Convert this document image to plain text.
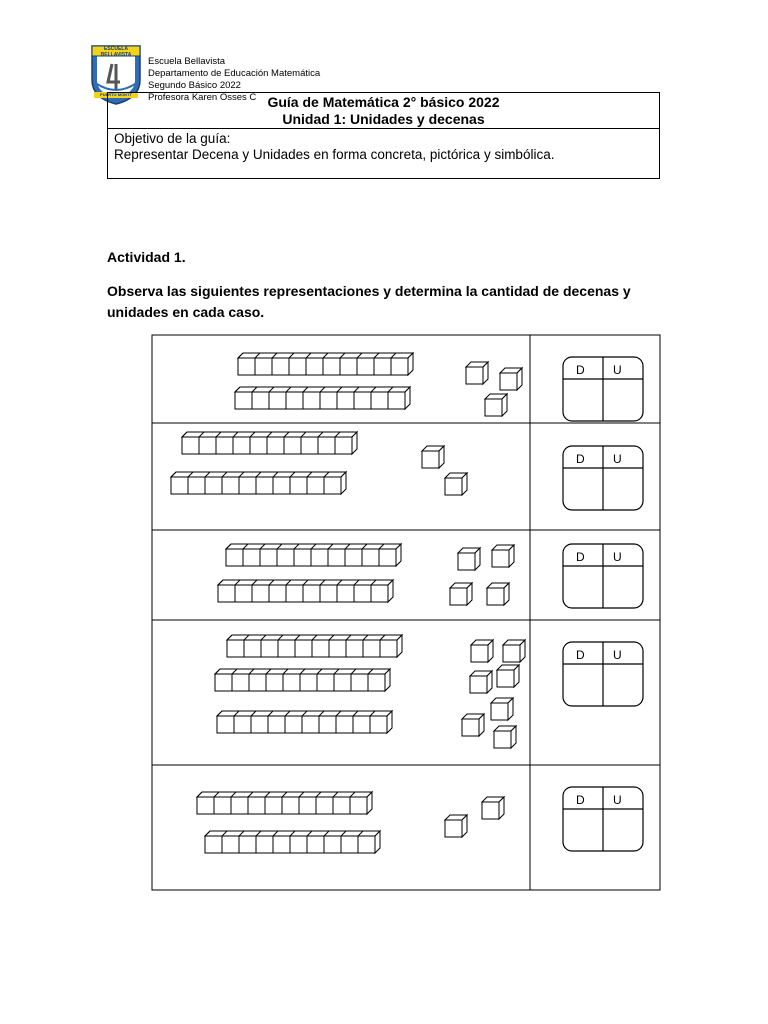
ESCUELA
BELLAVISTA
PUERTO MONTT
Escuela Bellavista
Departamento de Educación Matemática
Segundo Básico 2022
Profesora Karen Osses C Guía de Matemática 2° básico 2022
Unidad 1: Unidades y decenas
Objetivo de la guía:
Representar Decena y Unidades en forma concreta, pictórica y simbólica.
Actividad 1.
Observa las siguientes representaciones y determina la cantidad de decenas y unidades en cada caso.
D U
D U
D U
D U
D U
